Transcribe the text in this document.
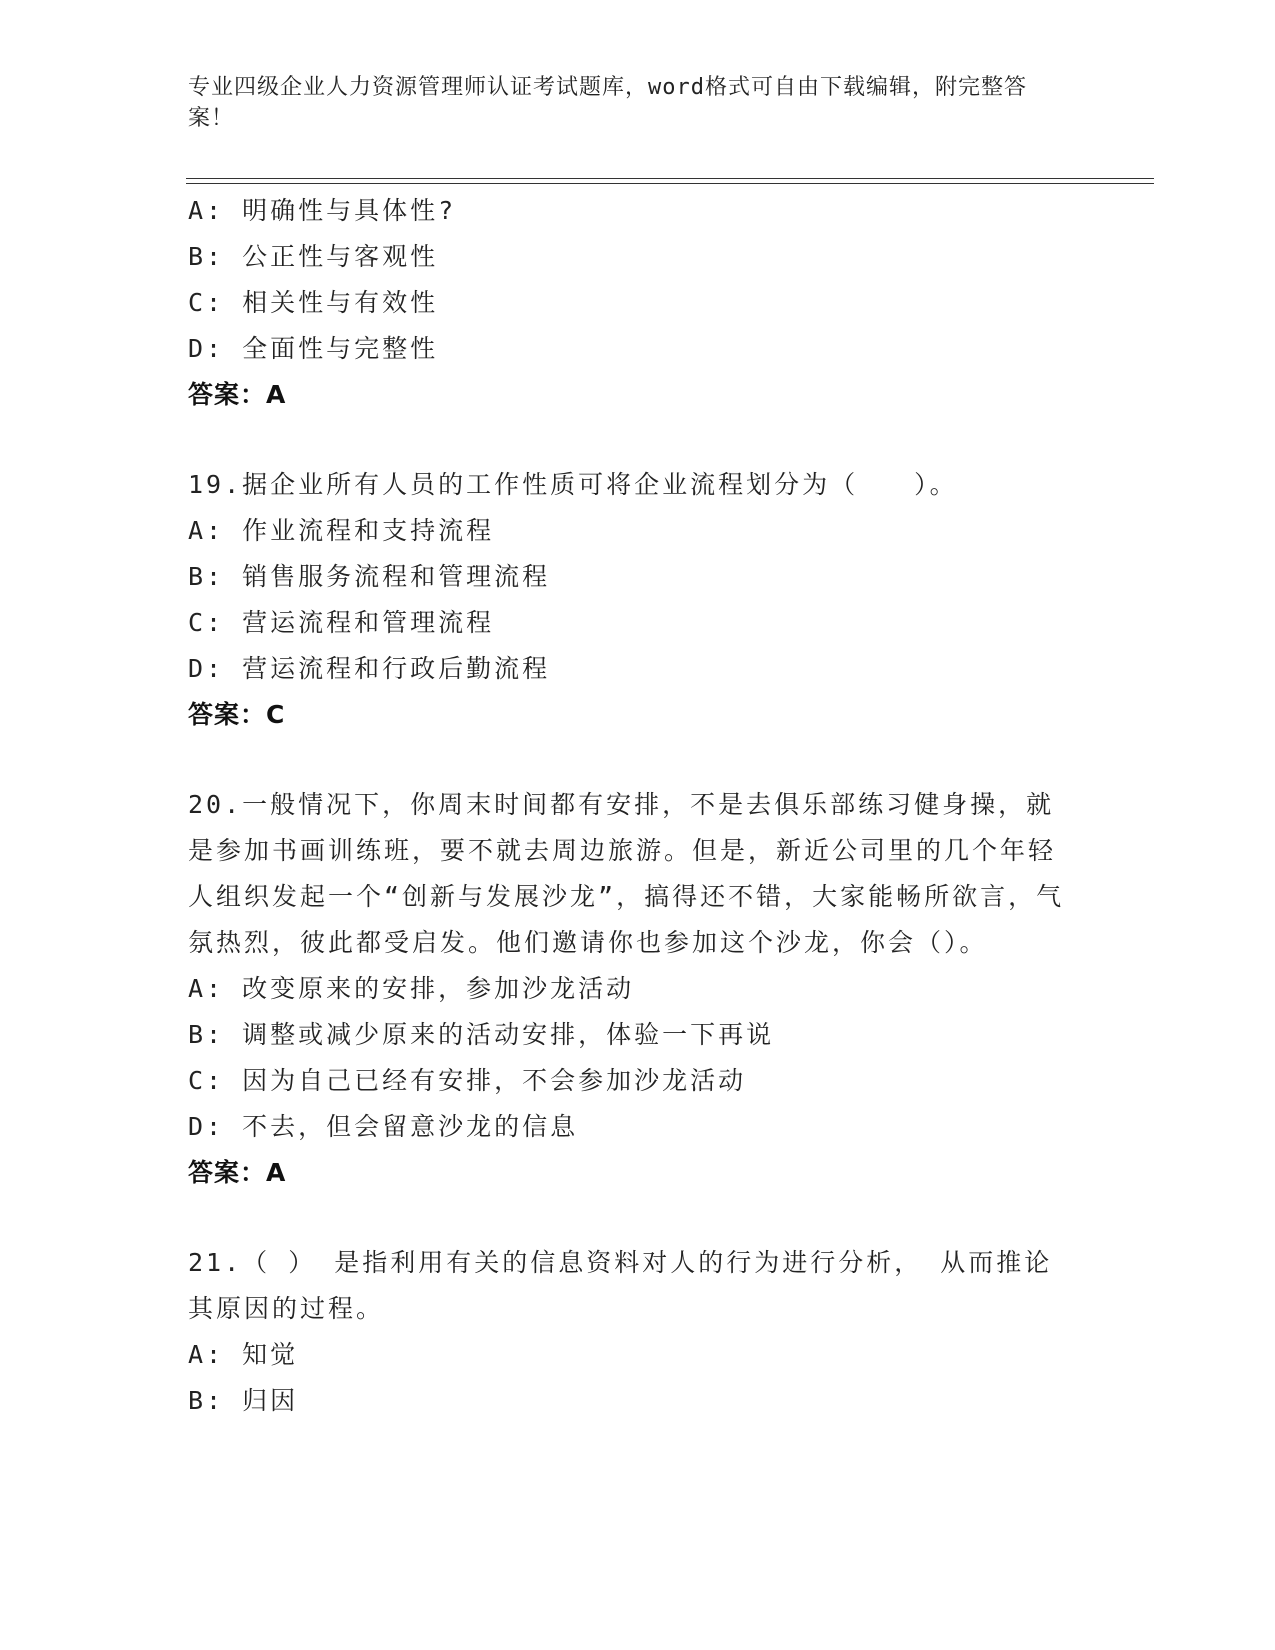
专业四级企业人力资源管理师认证考试题库，word格式可自由下载编辑，附完整答案！
A: 明确性与具体性?
B: 公正性与客观性
C: 相关性与有效性
D: 全面性与完整性
答案：A
19.据企业所有人员的工作性质可将企业流程划分为（　　）。
A: 作业流程和支持流程
B: 销售服务流程和管理流程
C: 营运流程和管理流程
D: 营运流程和行政后勤流程
答案：C
20.一般情况下，你周末时间都有安排，不是去俱乐部练习健身操，就是参加书画训练班，要不就去周边旅游。但是，新近公司里的几个年轻人组织发起一个“创新与发展沙龙”，搞得还不错，大家能畅所欲言，气氛热烈，彼此都受启发。他们邀请你也参加这个沙龙，你会（）。
A: 改变原来的安排，参加沙龙活动
B: 调整或减少原来的活动安排，体验一下再说
C: 因为自己已经有安排，不会参加沙龙活动
D: 不去，但会留意沙龙的信息
答案：A
21.（ ） 是指利用有关的信息资料对人的行为进行分析， 从而推论其原因的过程。
A: 知觉
B: 归因
